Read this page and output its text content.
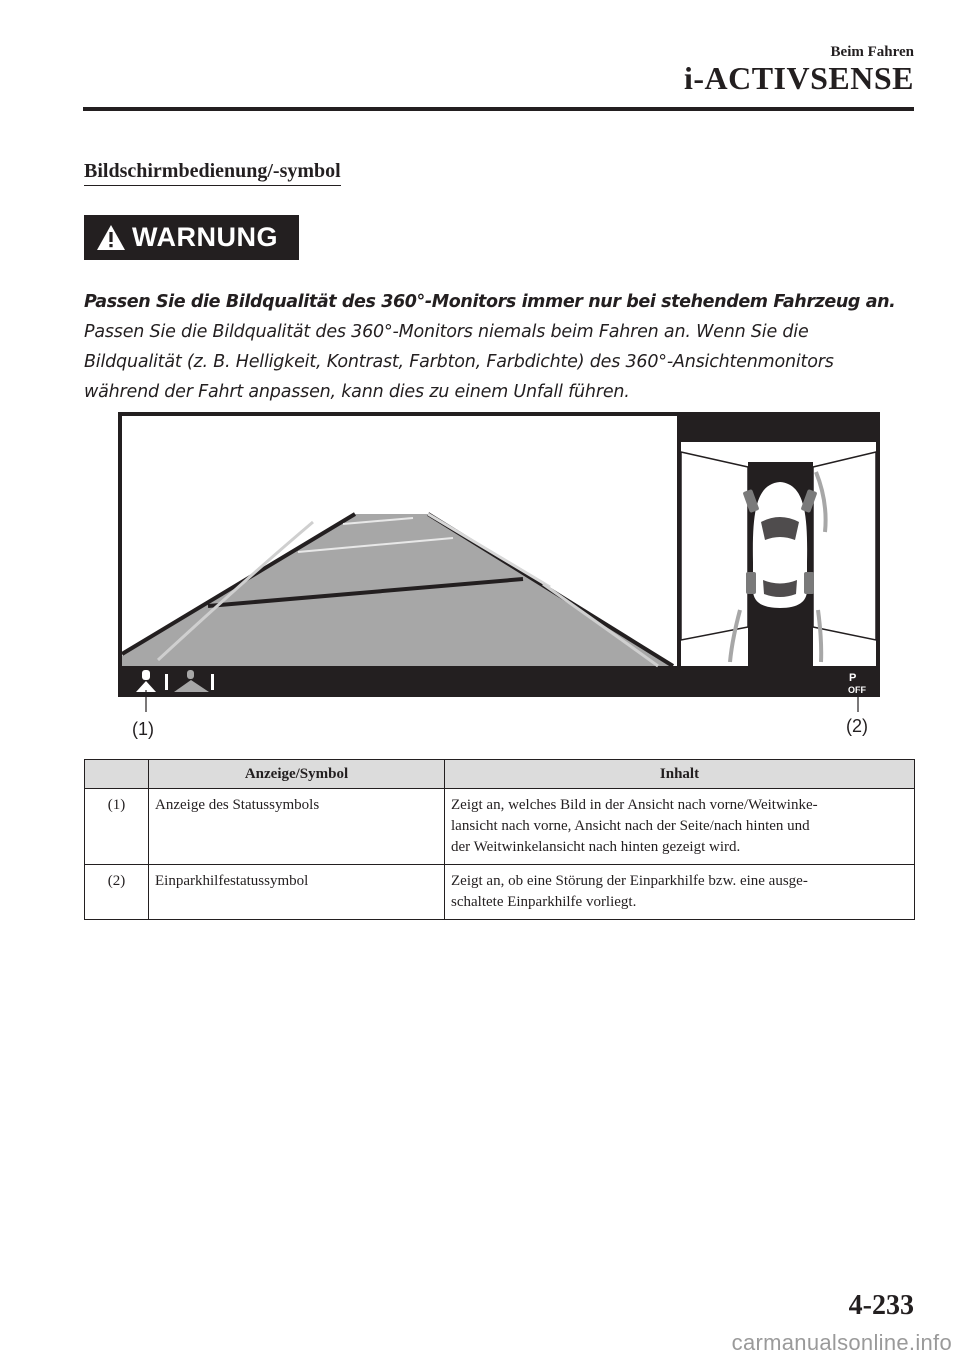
Beim Fahren
i-ACTIVSENSE
Bildschirmbedienung/-symbol
WARNUNG
Passen Sie die Bildqualität des 360°-Monitors immer nur bei stehendem Fahrzeug an.
Passen Sie die Bildqualität des 360°-Monitors niemals beim Fahren an. Wenn Sie die
Bildqualität (z. B. Helligkeit, Kontrast, Farbton, Farbdichte) des 360°-Ansichtenmonitors
während der Fahrt anpassen, kann dies zu einem Unfall führen.
P
OFF
(1)	(2)
	Anzeige/Symbol	Inhalt
(1)	Anzeige des Statussymbols	Zeigt an, welches Bild in der Ansicht nach vorne/Weitwinke-
lansicht nach vorne, Ansicht nach der Seite/nach hinten und
der Weitwinkelansicht nach hinten gezeigt wird.

(2)	Einparkhilfestatussymbol	Zeigt an, ob eine Störung der Einparkhilfe bzw. eine ausge-
schaltete Einparkhilfe vorliegt.
4-233
carmanualsonline.info
